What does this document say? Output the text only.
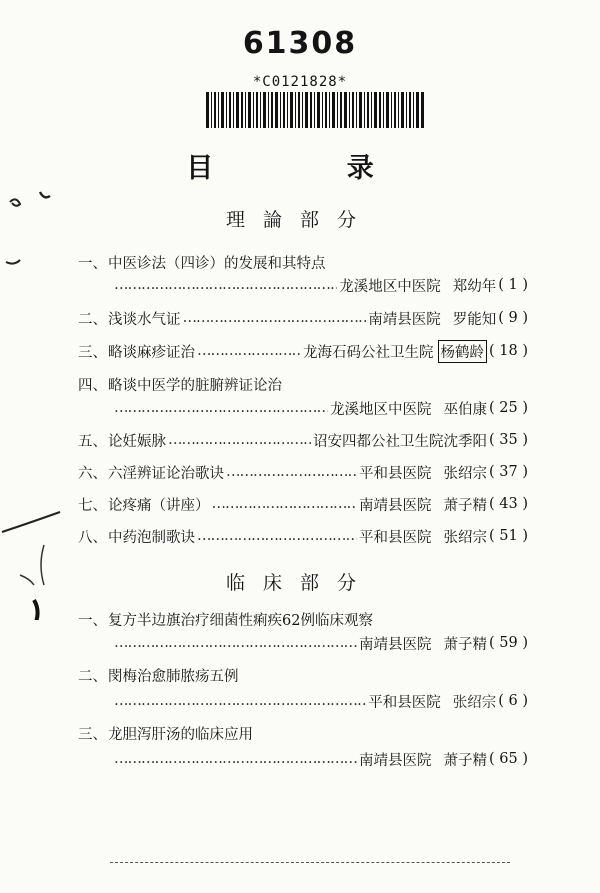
61308
*C0121828*
目 录
理論部分
一、 中医诊法（四诊）的发展和其特点
……………………………………………………………………………………………………
龙溪地区中医院 郑幼年 ( 1 )
二、 浅谈水气证 ……………………………………………………………………………………………………	南靖县医院 罗能知 ( 9 )
三、 略谈麻疹证治 ……………………………………………………………………………………………………	龙海石码公社卫生院 杨鹤龄 ( 18 )
四、 略谈中医学的脏腑辨证论治
……………………………………………………………………………………………………
龙溪地区中医院 巫伯康 ( 25 )
五、 论妊娠脉 ……………………………………………………………………………………………………	诏安四都公社卫生院 沈季阳 ( 35 )
六、 六淫辨证论治歌诀 ……………………………………………………………………………………………………	平和县医院 张绍宗 ( 37 )
七、 论疼痛（讲座） ……………………………………………………………………………………………………	南靖县医院 萧子精 ( 43 )
八、 中药泡制歌诀 ……………………………………………………………………………………………………	平和县医院 张绍宗 ( 51 )
临床部分
一、 复方半边旗治疗细菌性痢疾62例临床观察
……………………………………………………………………………………………………
南靖县医院 萧子精 ( 59 )
二、 閔梅治愈肺脓疡五例
……………………………………………………………………………………………………
平和县医院 张绍宗 ( 6 )
三、 龙胆泻肝汤的临床应用
……………………………………………………………………………………………………
南靖县医院 萧子精 ( 65 )
